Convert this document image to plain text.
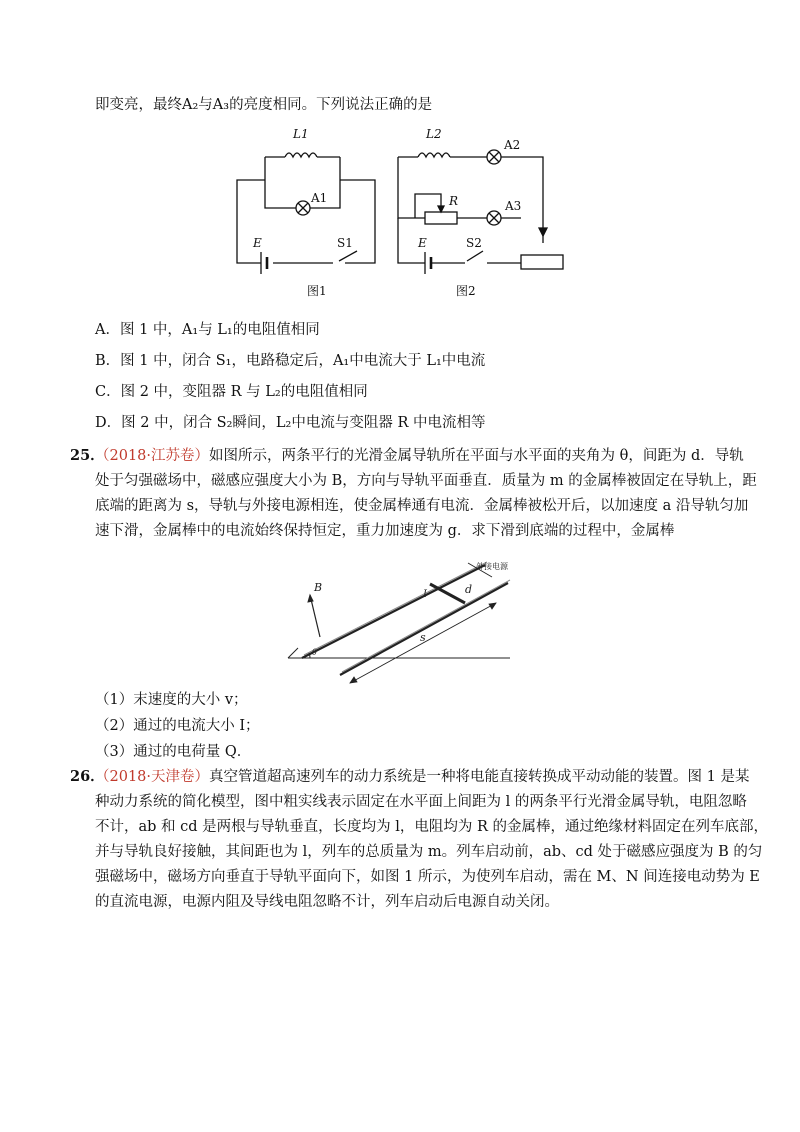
即变亮，最终A₂与A₃的亮度相同。下列说法正确的是
L1
A1
E	S1
图1
L2
A2
R	A3
E	S2
图2
A．图 1 中，A₁与 L₁的电阻值相同
B．图 1 中，闭合 S₁，电路稳定后，A₁中电流大于 L₁中电流
C．图 2 中，变阻器 R 与 L₂的电阻值相同
D．图 2 中，闭合 S₂瞬间，L₂中电流与变阻器 R 中电流相等
25．
（2018·江苏卷）如图所示，两条平行的光滑金属导轨所在平面与水平面的夹角为 θ，间距为 d．导轨
处于匀强磁场中，磁感应强度大小为 B，方向与导轨平面垂直．质量为 m 的金属棒被固定在导轨上，距
底端的距离为 s，导轨与外接电源相连，使金属棒通有电流．金属棒被松开后，以加速度 a 沿导轨匀加
速下滑，金属棒中的电流始终保持恒定，重力加速度为 g．求下滑到底端的过程中，金属棒
B	d
I
s
θ
外接电源
（1）末速度的大小 v；
（2）通过的电流大小 I；
（3）通过的电荷量 Q．
26．
（2018·天津卷）真空管道超高速列车的动力系统是一种将电能直接转换成平动动能的装置。图 1 是某
种动力系统的简化模型，图中粗实线表示固定在水平面上间距为 l 的两条平行光滑金属导轨，电阻忽略
不计，ab 和 cd 是两根与导轨垂直，长度均为 l，电阻均为 R 的金属棒，通过绝缘材料固定在列车底部，
并与导轨良好接触，其间距也为 l，列车的总质量为 m。列车启动前，ab、cd 处于磁感应强度为 B 的匀
强磁场中，磁场方向垂直于导轨平面向下，如图 1 所示，为使列车启动，需在 M、N 间连接电动势为 E
的直流电源，电源内阻及导线电阻忽略不计，列车启动后电源自动关闭。
